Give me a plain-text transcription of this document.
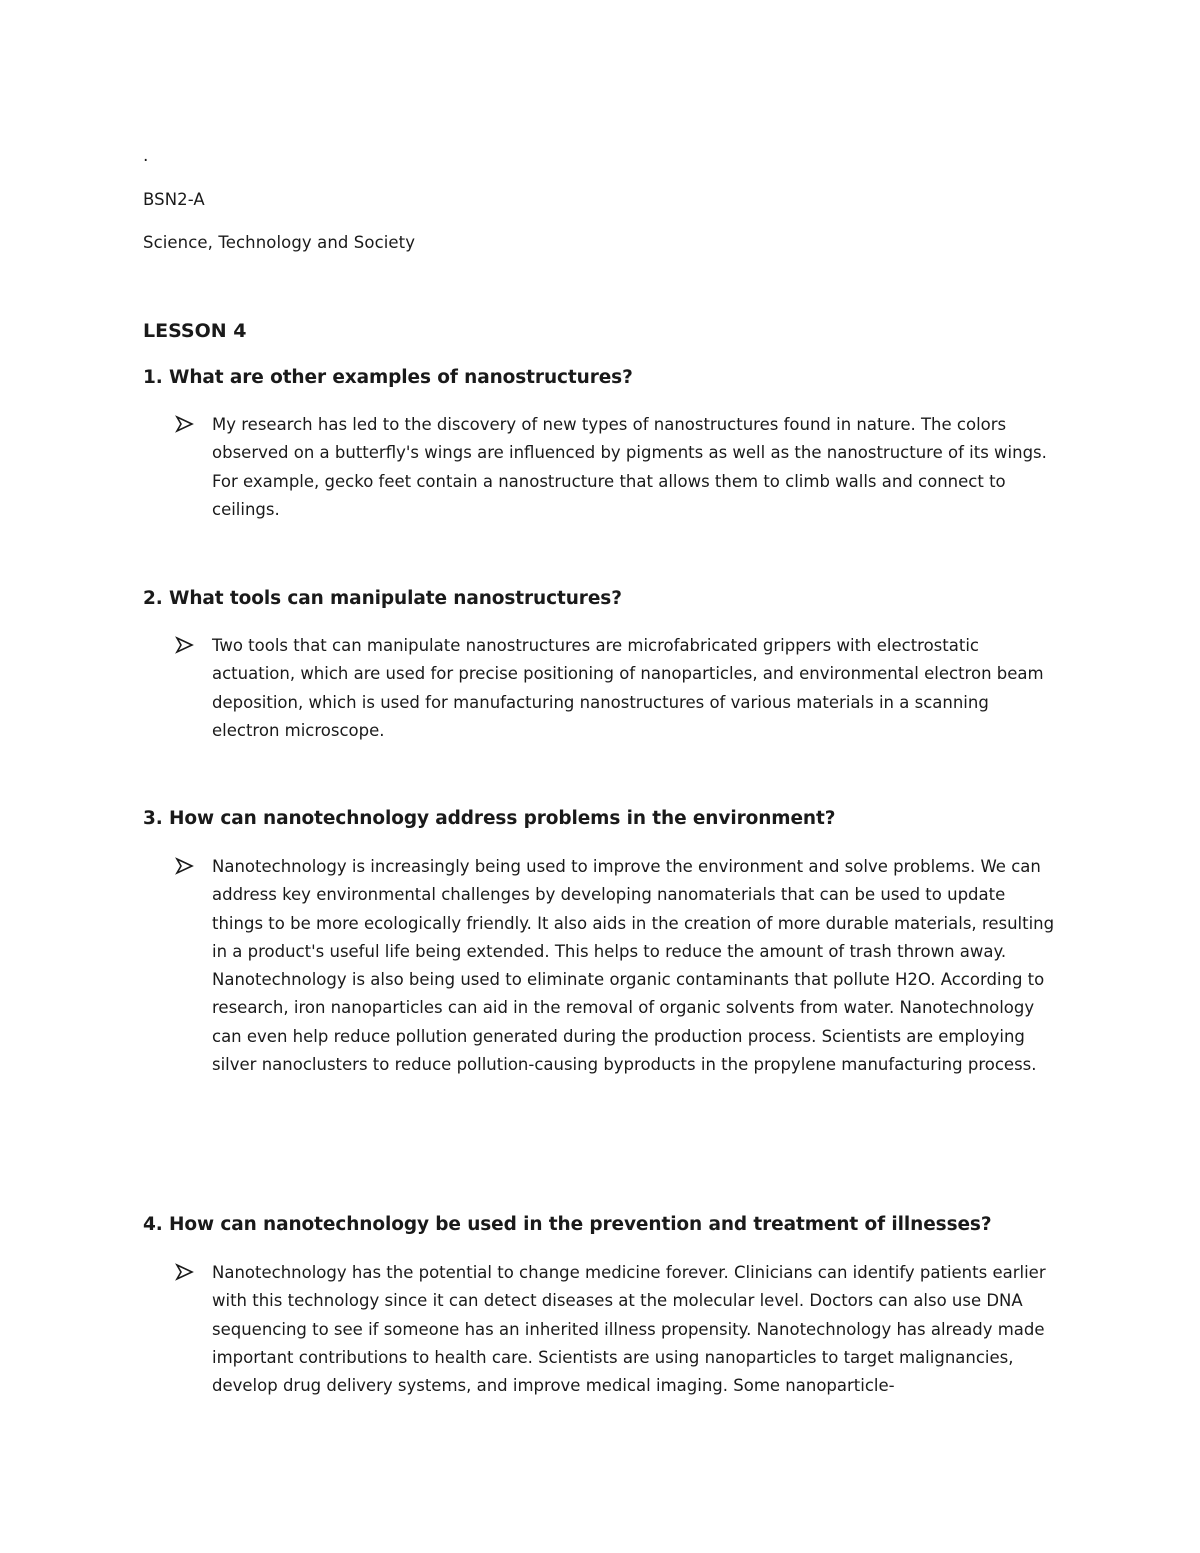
.
BSN2-A
Science, Technology and Society
LESSON 4
1. What are other examples of nanostructures?
My research has led to the discovery of new types of nanostructures found in nature. The colors observed on a butterfly's wings are influenced by pigments as well as the nanostructure of its wings. For example, gecko feet contain a nanostructure that allows them to climb walls and connect to ceilings.
2. What tools can manipulate nanostructures?
Two tools that can manipulate nanostructures are microfabricated grippers with electrostatic actuation, which are used for precise positioning of nanoparticles, and environmental electron beam deposition, which is used for manufacturing nanostructures of various materials in a scanning electron microscope.
3. How can nanotechnology address problems in the environment?
Nanotechnology is increasingly being used to improve the environment and solve problems. We can address key environmental challenges by developing nanomaterials that can be used to update things to be more ecologically friendly. It also aids in the creation of more durable materials, resulting in a product's useful life being extended. This helps to reduce the amount of trash thrown away. Nanotechnology is also being used to eliminate organic contaminants that pollute H2O. According to research, iron nanoparticles can aid in the removal of organic solvents from water. Nanotechnology can even help reduce pollution generated during the production process. Scientists are employing silver nanoclusters to reduce pollution-causing byproducts in the propylene manufacturing process.
4. How can nanotechnology be used in the prevention and treatment of illnesses?
Nanotechnology has the potential to change medicine forever. Clinicians can identify patients earlier with this technology since it can detect diseases at the molecular level. Doctors can also use DNA sequencing to see if someone has an inherited illness propensity. Nanotechnology has already made important contributions to health care. Scientists are using nanoparticles to target malignancies, develop drug delivery systems, and improve medical imaging. Some nanoparticle-
